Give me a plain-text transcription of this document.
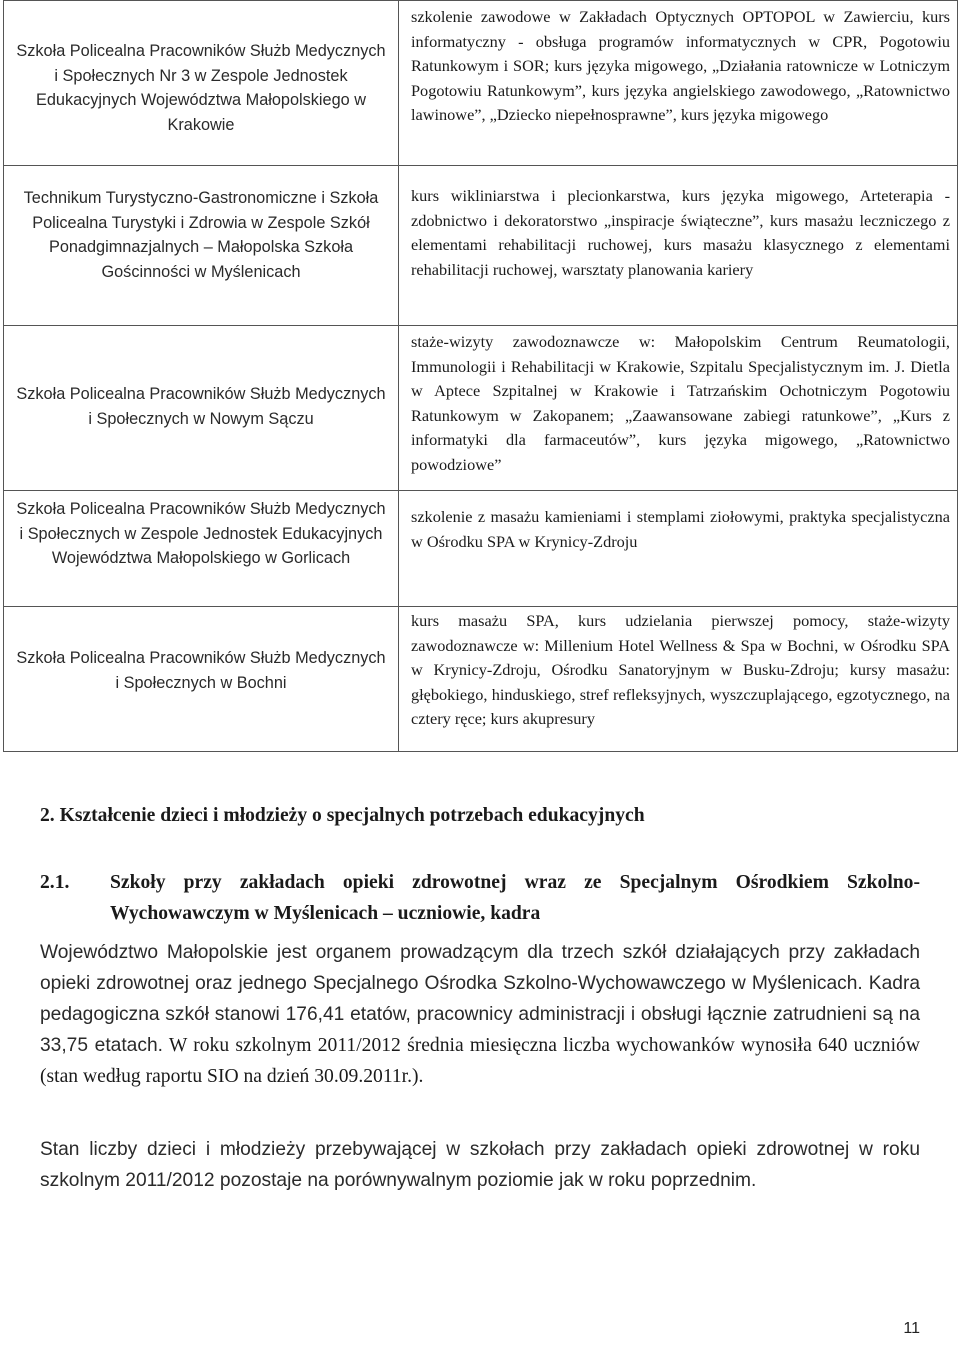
Szkoła Policealna Pracowników Służb Medycznych i Społecznych Nr 3 w Zespole Jednostek Edukacyjnych Województwa Małopolskiego w Krakowie	szkolenie zawodowe w Zakładach Optycznych OPTOPOL w Zawierciu, kurs informatyczny - obsługa programów informatycznych w CPR, Pogotowiu Ratunkowym i SOR; kurs języka migowego, „Działania ratownicze w Lotniczym Pogotowiu Ratunkowym”, kurs języka angielskiego zawodowego, „Ratownictwo lawinowe”, „Dziecko niepełnosprawne”, kurs języka migowego
Technikum Turystyczno-Gastronomiczne i Szkoła Policealna Turystyki i Zdrowia w Zespole Szkół Ponadgimnazjalnych – Małopolska Szkoła Gościnności w Myślenicach	kurs wikliniarstwa i plecionkarstwa, kurs języka migowego, Arteterapia - zdobnictwo i dekoratorstwo „inspiracje świąteczne”, kurs masażu leczniczego z elementami rehabilitacji ruchowej, kurs masażu klasycznego z elementami rehabilitacji ruchowej, warsztaty planowania kariery
Szkoła Policealna Pracowników Służb Medycznych i Społecznych w Nowym Sączu	staże-wizyty zawodoznawcze w: Małopolskim Centrum Reumatologii, Immunologii i Rehabilitacji w Krakowie, Szpitalu Specjalistycznym im. J. Dietla w Aptece Szpitalnej w Krakowie i Tatrzańskim Ochotniczym Pogotowiu Ratunkowym w Zakopanem; „Zaawansowane zabiegi ratunkowe”, „Kurs z informatyki dla farmaceutów”, kurs języka migowego, „Ratownictwo powodziowe”
Szkoła Policealna Pracowników Służb Medycznych i Społecznych w Zespole Jednostek Edukacyjnych Województwa Małopolskiego w Gorlicach	szkolenie z masażu kamieniami i stemplami ziołowymi, praktyka specjalistyczna w Ośrodku SPA w Krynicy-Zdroju
Szkoła Policealna Pracowników Służb Medycznych i Społecznych w Bochni	kurs masażu SPA, kurs udzielania pierwszej pomocy, staże-wizyty zawodoznawcze w: Millenium Hotel Wellness & Spa w Bochni, w Ośrodku SPA w Krynicy-Zdroju, Ośrodku Sanatoryjnym w Busku-Zdroju; kursy masażu: głębokiego, hinduskiego, stref refleksyjnych, wyszczuplającego, egzotycznego, na cztery ręce; kurs akupresury
2. Kształcenie dzieci i młodzieży o specjalnych potrzebach edukacyjnych
2.1. Szkoły przy zakładach opieki zdrowotnej wraz ze Specjalnym Ośrodkiem Szkolno-Wychowawczym w Myślenicach – uczniowie, kadra
Województwo Małopolskie jest organem prowadzącym dla trzech szkół działających przy zakładach opieki zdrowotnej oraz jednego Specjalnego Ośrodka Szkolno-Wychowawczego w Myślenicach. Kadra pedagogiczna szkół stanowi 176,41 etatów, pracownicy administracji i obsługi łącznie zatrudnieni są na 33,75 etatach. W roku szkolnym 2011/2012 średnia miesięczna liczba wychowanków wynosiła 640 uczniów (stan według raportu SIO na dzień 30.09.2011r.).
Stan liczby dzieci i młodzieży przebywającej w szkołach przy zakładach opieki zdrowotnej w roku szkolnym 2011/2012 pozostaje na porównywalnym poziomie jak w roku poprzednim.
11
